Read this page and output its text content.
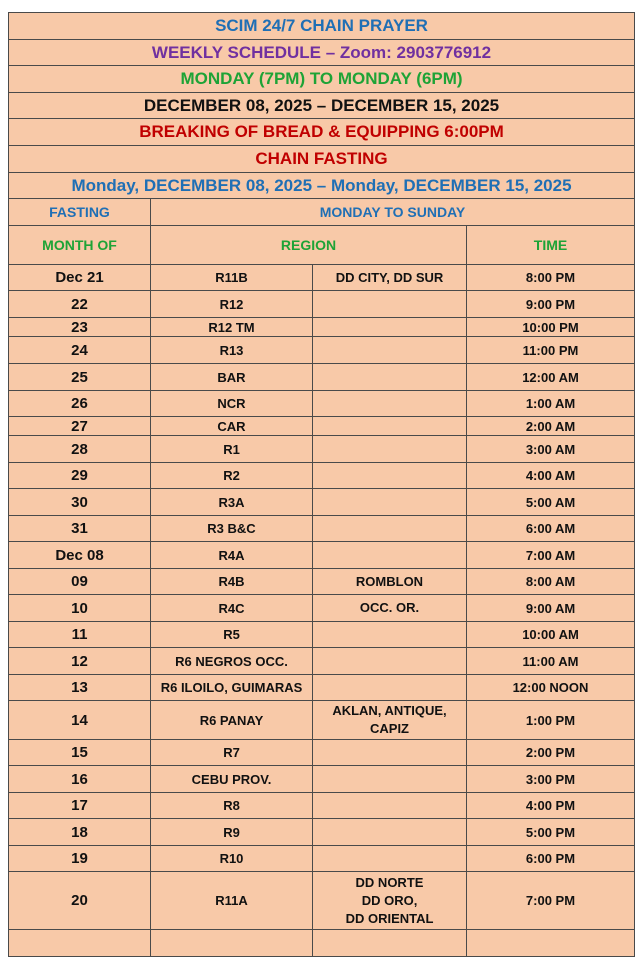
SCIM 24/7 CHAIN PRAYER			
WEEKLY SCHEDULE – Zoom: 2903776912			
MONDAY (7PM) TO MONDAY (6PM)			
DECEMBER 08, 2025 – DECEMBER 15, 2025			
BREAKING OF BREAD & EQUIPPING 6:00PM			
CHAIN FASTING			
Monday, DECEMBER 08, 2025 – Monday, DECEMBER 15, 2025			
FASTING	MONDAY TO SUNDAY		
MONTH OF	REGION		TIME
Dec 21	R11B	DD CITY, DD SUR	8:00 PM
22	R12		9:00 PM
23	R12 TM		10:00 PM
24	R13		11:00 PM
25	BAR		12:00 AM
26	NCR		1:00 AM
27	CAR		2:00 AM
28	R1		3:00 AM
29	R2		4:00 AM
30	R3A		5:00 AM
31	R3 B&C		6:00 AM
Dec 08	R4A		7:00 AM
09	R4B	ROMBLON	8:00 AM
10	R4C	OCC. OR.	9:00 AM
11	R5		10:00 AM
12	R6 NEGROS OCC.		11:00 AM
13	R6 ILOILO, GUIMARAS		12:00 NOON
14	R6 PANAY	AKLAN, ANTIQUE,
CAPIZ	1:00 PM
15	R7		2:00 PM
16	CEBU PROV.		3:00 PM
17	R8		4:00 PM
18	R9		5:00 PM
19	R10		6:00 PM
20	R11A	DD NORTE
DD ORO,
DD ORIENTAL	7:00 PM
